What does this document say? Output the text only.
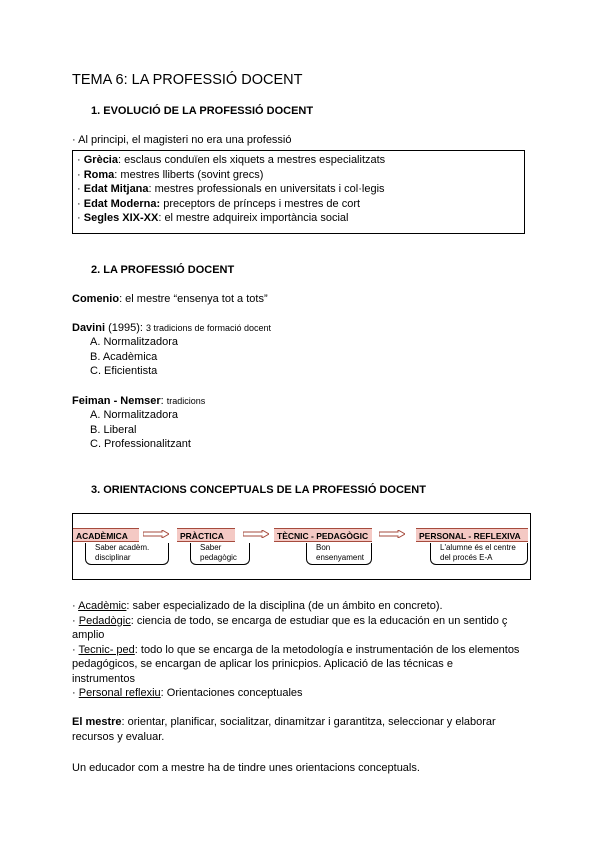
TEMA 6: LA PROFESSIÓ DOCENT
1. EVOLUCIÓ DE LA PROFESSIÓ DOCENT
· Al principi, el magisteri no era una professió
· Grècia: esclaus conduïen els xiquets a mestres especialitzats
· Roma: mestres lliberts (sovint grecs)
· Edat Mitjana: mestres professionals en universitats i col·legis
· Edat Moderna: preceptors de prínceps i mestres de cort
· Segles XIX-XX: el mestre adquireix importància social
2. LA PROFESSIÓ DOCENT
Comenio: el mestre “ensenya tot a tots”
Davini (1995): 3 tradicions de formació docent
A. Normalitzadora
B. Acadèmica
C. Eficientista
Feiman - Nemser: tradicions
A. Normalitzadora
B. Liberal
C. Professionalitzant
3. ORIENTACIONS CONCEPTUALS DE LA PROFESSIÓ DOCENT
ACADÈMICA
Saber acadèm. disciplinar
PRÀCTICA
Saber pedagògic
TÈCNIC - PEDAGÒGIC
Bon ensenyament
PERSONAL - REFLEXIVA
L'alumne és el centre del procés E-A
· Acadèmic: saber especializado de la disciplina (de un ámbito en concreto).
· Pedadògic: ciencia de todo, se encarga de estudiar que es la educación en un sentido ç
amplio
· Tecnic- ped: todo lo que se encarga de la metodología e instrumentación de los elementos
pedagógicos, se encargan de aplicar los prinicpios. Aplicació de las técnicas e
instrumentos
· Personal reflexiu: Orientaciones conceptuales
El mestre: orientar, planificar, socialitzar, dinamitzar i garantitza, seleccionar y elaborar
recursos y evaluar.
Un educador com a mestre ha de tindre unes orientacions conceptuals.
